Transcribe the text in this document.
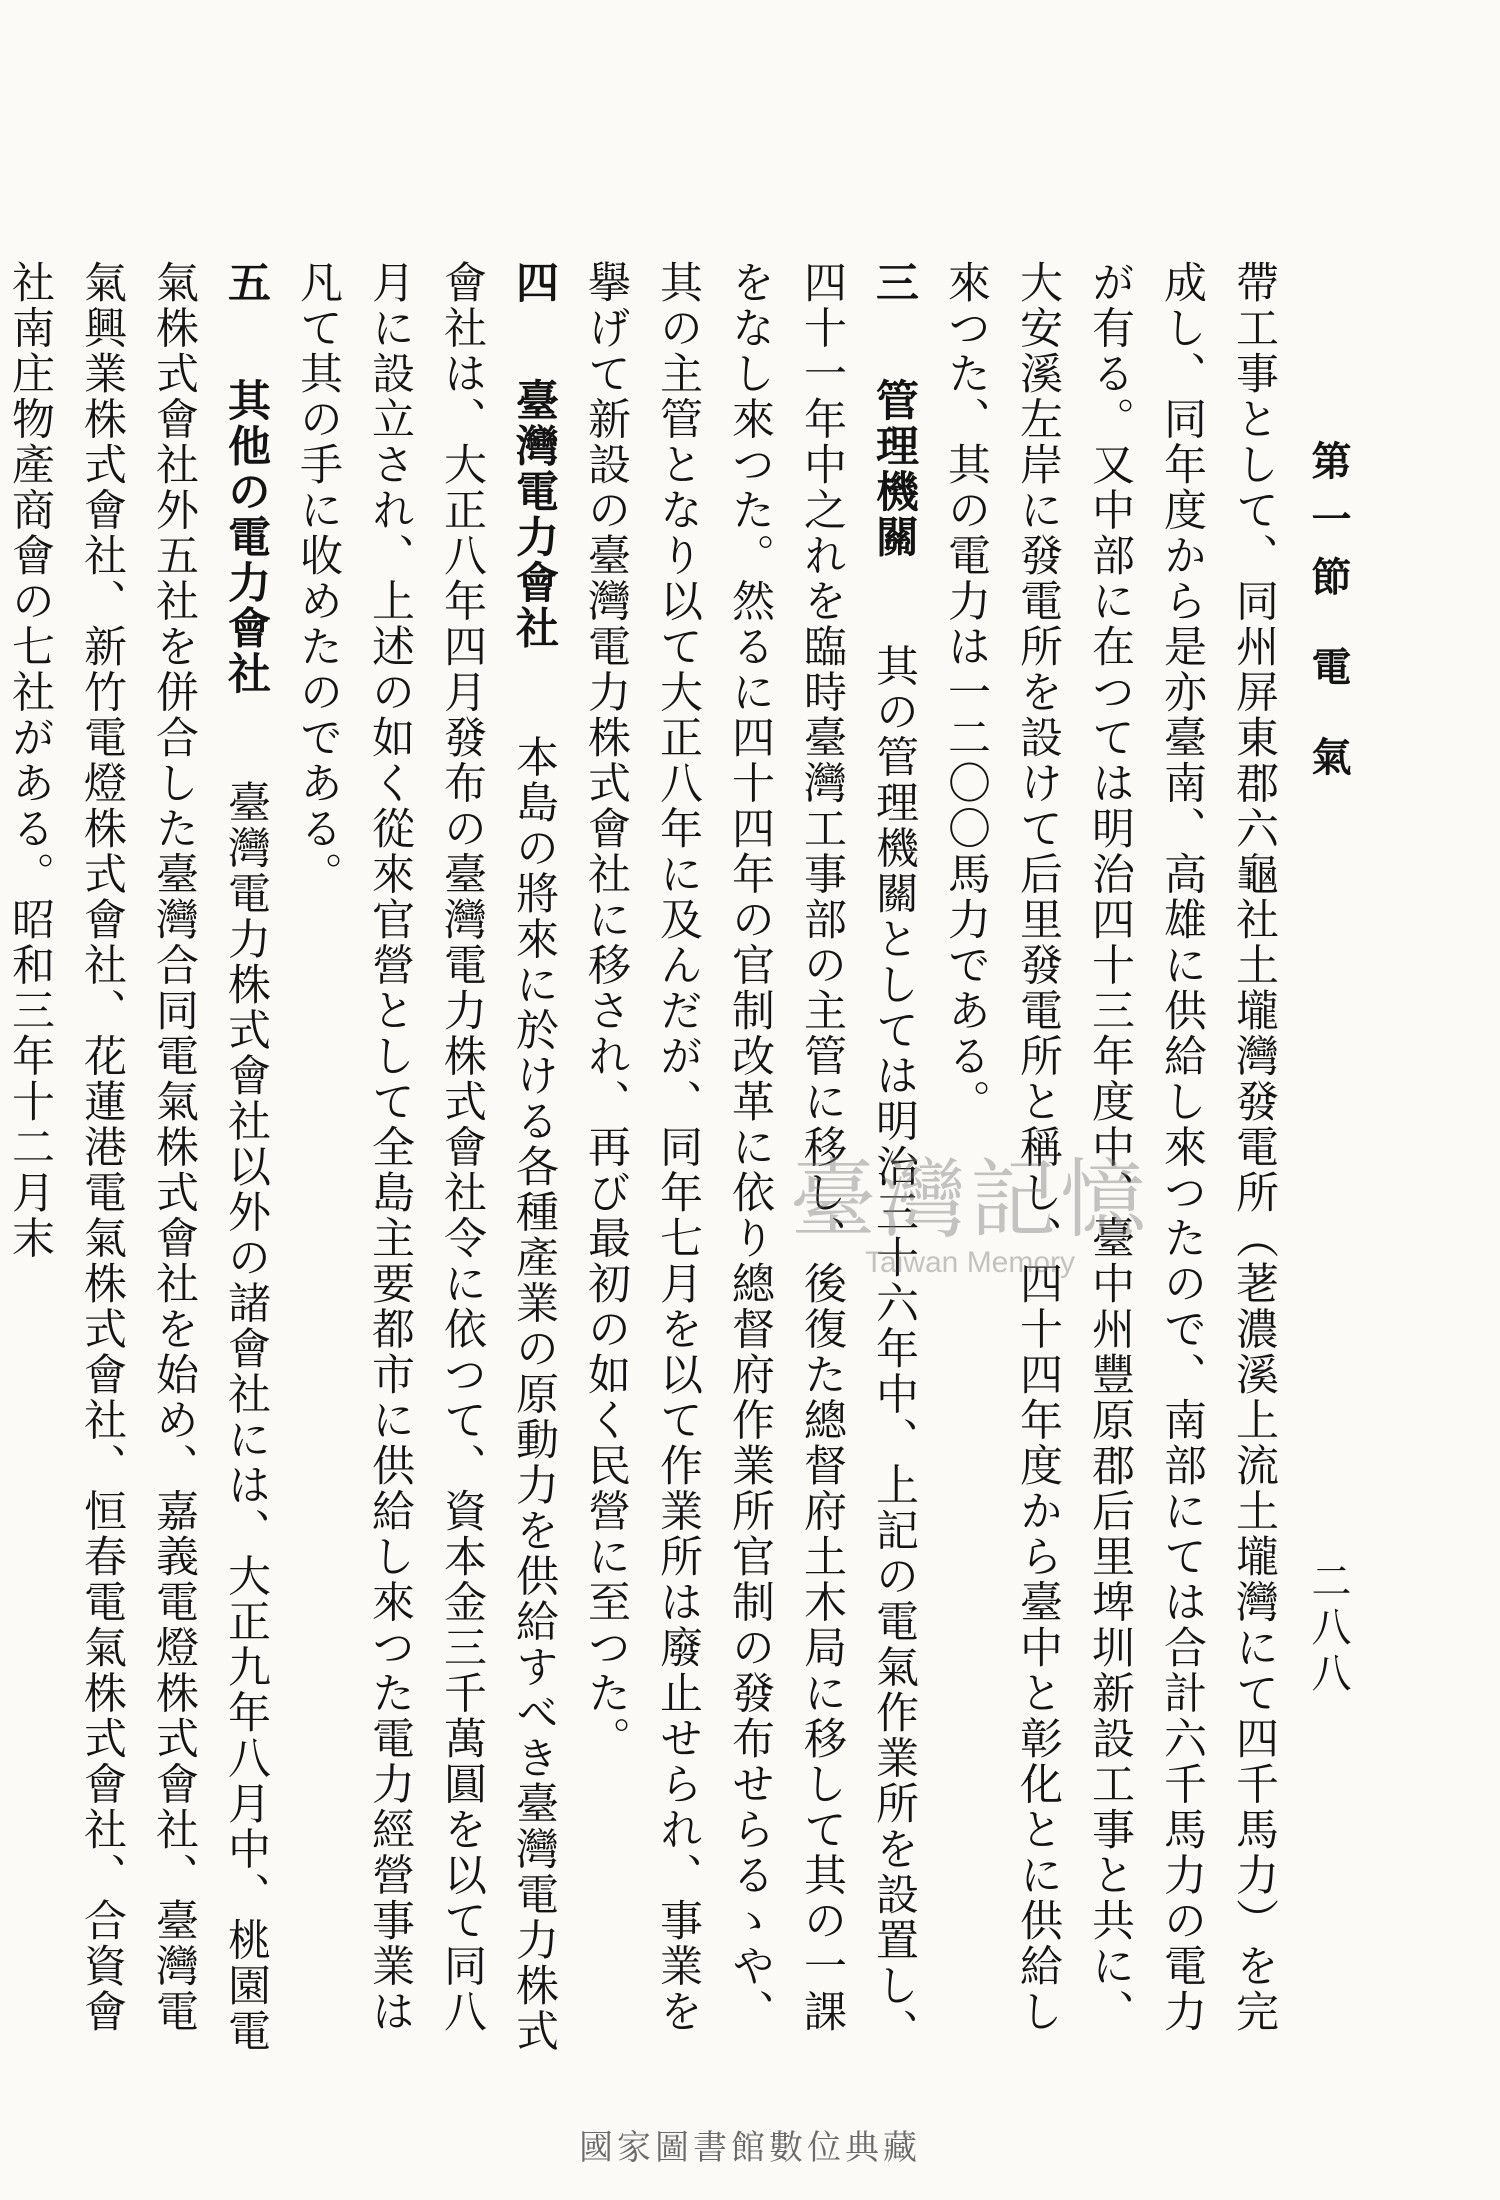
第一節 電 氣
二八八

帶工事として、同州屏東郡六龜社土壠灣發電所（荖濃溪上流土壠灣にて四千馬力）を完成し、同年度から是亦臺南、高雄に供給し來つたので、南部にては合計六千馬力の電力が有る。又中部に在つては明治四十三年度中、臺中州豐原郡后里埤圳新設工事と共に、大安溪左岸に發電所を設けて后里發電所と稱し、四十四年度から臺中と彰化とに供給し來つた、其の電力は一二〇〇馬力である。

三管理機關其の管理機關としては明治三十六年中、上記の電氣作業所を設置し、四十一年中之れを臨時臺灣工事部の主管に移し、後復た總督府土木局に移して其の一課をなし來つた。然るに四十四年の官制改革に依り總督府作業所官制の發布せらるゝや、其の主管となり以て大正八年に及んだが、同年七月を以て作業所は廢止せられ、事業を擧げて新設の臺灣電力株式會社に移され、再び最初の如く民營に至つた。

四臺灣電力會社本島の將來に於ける各種產業の原動力を供給すべき臺灣電力株式會社は、大正八年四月發布の臺灣電力株式會社令に依つて、資本金三千萬圓を以て同八月に設立され、上述の如く從來官營として全島主要都市に供給し來つた電力經營事業は凡て其の手に收めたのである。

五其他の電力會社臺灣電力株式會社以外の諸會社には、大正九年八月中、桃園電氣株式會社外五社を併合した臺灣合同電氣株式會社を始め、嘉義電燈株式會社、臺灣電氣興業株式會社、新竹電燈株式會社、花蓮港電氣株式會社、恒春電氣株式會社、合資會社南庄物產商會の七社がある。昭和三年十二月末	臺灣記憶
Taiwan Memory
國家圖書館數位典藏
